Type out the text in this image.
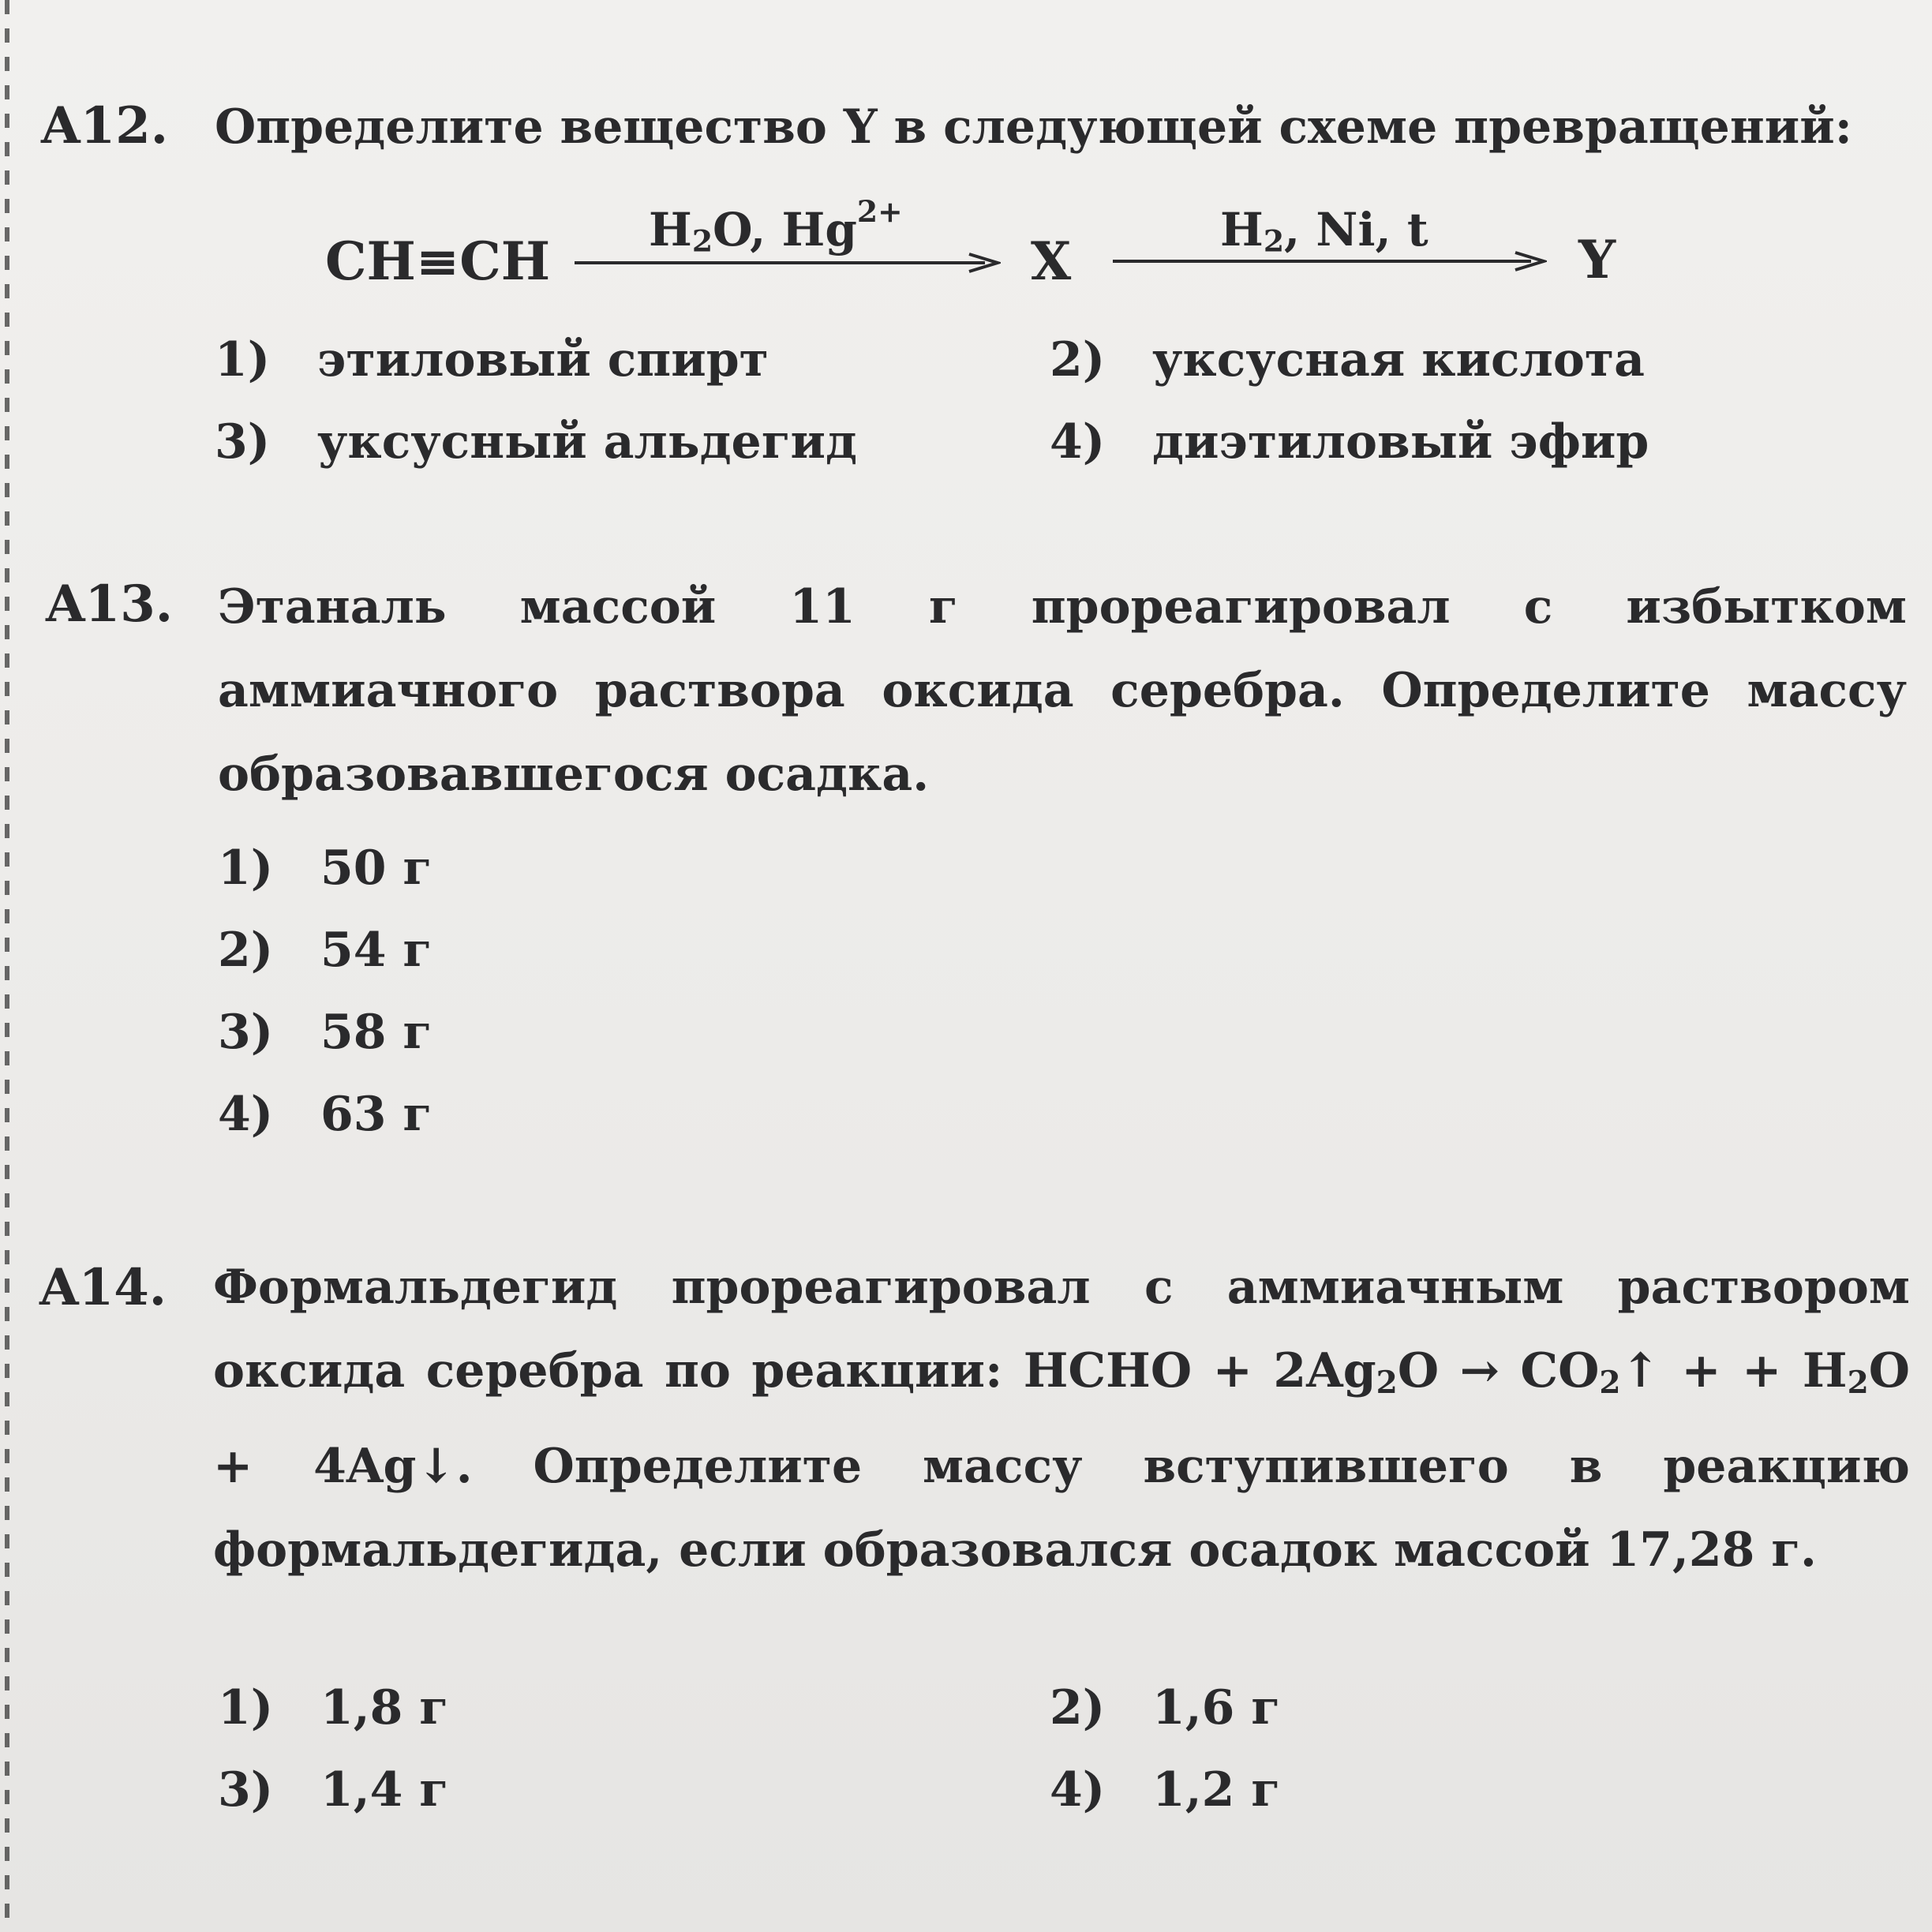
A12. Определите вещество Y в следующей схеме превращений:
CH≡CH
$H_2O$, $Hg^{2+}$
X
$H_2$, Ni, t	Y
1) этиловый спирт	2) уксусная кислота
3) уксусный альдегид	4) диэтиловый эфир
A13. Этаналь массой 11 г прореагировал с избытком аммиачного раствора оксида серебра. Определите массу образовавшегося осадка.
1) 50 г
2) 54 г
3) 58 г
4) 63 г
A14. Формальдегид прореагировал с аммиачным раствором оксида серебра по реакции: HCHO + $2Ag_2O$ → $CO_2↑$ + + $H_2O$ + 4Ag↓. Определите массу вступившего в реакцию формальдегида, если образовался осадок массой 17,28 г.
1) 1,8 г	2) 1,6 г
3) 1,4 г	4) 1,2 г
